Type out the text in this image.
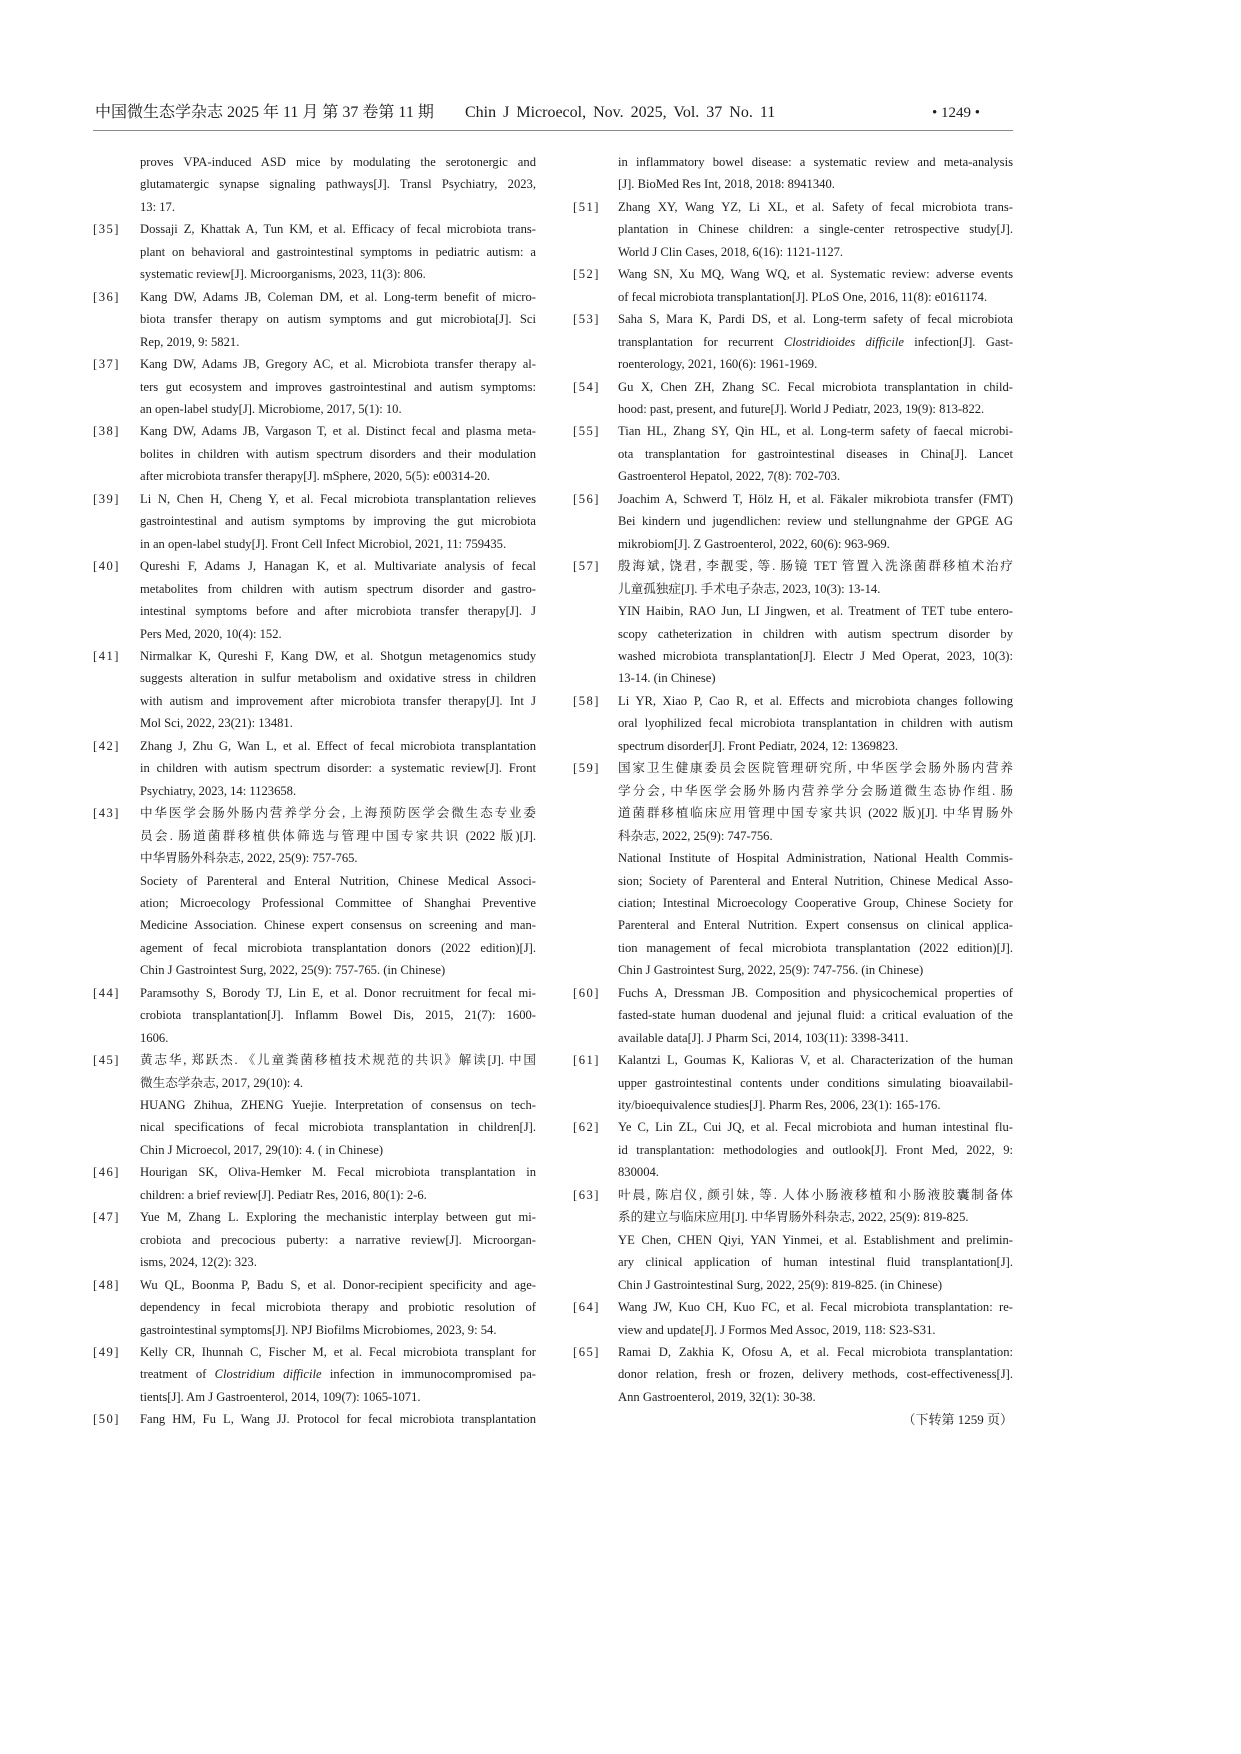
中国微生态学杂志 2025 年 11 月 第 37 卷第 11 期 Chin J Microecol, Nov. 2025, Vol. 37 No. 11	• 1249 •
proves VPA-induced ASD mice by modulating the serotonergic and
glutamatergic synapse signaling pathways[J]. Transl Psychiatry, 2023,
13: 17.
[35] Dossaji Z, Khattak A, Tun KM, et al. Efficacy of fecal microbiota trans-
plant on behavioral and gastrointestinal symptoms in pediatric autism: a
systematic review[J]. Microorganisms, 2023, 11(3): 806.
[36] Kang DW, Adams JB, Coleman DM, et al. Long-term benefit of micro-
biota transfer therapy on autism symptoms and gut microbiota[J]. Sci
Rep, 2019, 9: 5821.
[37] Kang DW, Adams JB, Gregory AC, et al. Microbiota transfer therapy al-
ters gut ecosystem and improves gastrointestinal and autism symptoms:
an open-label study[J]. Microbiome, 2017, 5(1): 10.
[38] Kang DW, Adams JB, Vargason T, et al. Distinct fecal and plasma meta-
bolites in children with autism spectrum disorders and their modulation
after microbiota transfer therapy[J]. mSphere, 2020, 5(5): e00314-20.
[39] Li N, Chen H, Cheng Y, et al. Fecal microbiota transplantation relieves
gastrointestinal and autism symptoms by improving the gut microbiota
in an open-label study[J]. Front Cell Infect Microbiol, 2021, 11: 759435.
[40] Qureshi F, Adams J, Hanagan K, et al. Multivariate analysis of fecal
metabolites from children with autism spectrum disorder and gastro-
intestinal symptoms before and after microbiota transfer therapy[J]. J
Pers Med, 2020, 10(4): 152.
[41] Nirmalkar K, Qureshi F, Kang DW, et al. Shotgun metagenomics study
suggests alteration in sulfur metabolism and oxidative stress in children
with autism and improvement after microbiota transfer therapy[J]. Int J
Mol Sci, 2022, 23(21): 13481.
[42] Zhang J, Zhu G, Wan L, et al. Effect of fecal microbiota transplantation
in children with autism spectrum disorder: a systematic review[J]. Front
Psychiatry, 2023, 14: 1123658.
[43] 中华医学会肠外肠内营养学分会, 上海预防医学会微生态专业委
员会. 肠道菌群移植供体筛选与管理中国专家共识 (2022 版)[J].
中华胃肠外科杂志, 2022, 25(9): 757-765.
Society of Parenteral and Enteral Nutrition, Chinese Medical Associ-
ation; Microecology Professional Committee of Shanghai Preventive
Medicine Association. Chinese expert consensus on screening and man-
agement of fecal microbiota transplantation donors (2022 edition)[J].
Chin J Gastrointest Surg, 2022, 25(9): 757-765. (in Chinese)
[44] Paramsothy S, Borody TJ, Lin E, et al. Donor recruitment for fecal mi-
crobiota transplantation[J]. Inflamm Bowel Dis, 2015, 21(7): 1600-
1606.
[45] 黄志华, 郑跃杰. 《儿童粪菌移植技术规范的共识》解读[J]. 中国
微生态学杂志, 2017, 29(10): 4.
HUANG Zhihua, ZHENG Yuejie. Interpretation of consensus on tech-
nical specifications of fecal microbiota transplantation in children[J].
Chin J Microecol, 2017, 29(10): 4. ( in Chinese)
[46] Hourigan SK, Oliva-Hemker M. Fecal microbiota transplantation in
children: a brief review[J]. Pediatr Res, 2016, 80(1): 2-6.
[47] Yue M, Zhang L. Exploring the mechanistic interplay between gut mi-
crobiota and precocious puberty: a narrative review[J]. Microorgan-
isms, 2024, 12(2): 323.
[48] Wu QL, Boonma P, Badu S, et al. Donor-recipient specificity and age-
dependency in fecal microbiota therapy and probiotic resolution of
gastrointestinal symptoms[J]. NPJ Biofilms Microbiomes, 2023, 9: 54.
[49] Kelly CR, Ihunnah C, Fischer M, et al. Fecal microbiota transplant for
treatment of Clostridium difficile infection in immunocompromised pa-
tients[J]. Am J Gastroenterol, 2014, 109(7): 1065-1071.
[50] Fang HM, Fu L, Wang JJ. Protocol for fecal microbiota transplantation
in inflammatory bowel disease: a systematic review and meta-analysis
[J]. BioMed Res Int, 2018, 2018: 8941340.
[51] Zhang XY, Wang YZ, Li XL, et al. Safety of fecal microbiota trans-
plantation in Chinese children: a single-center retrospective study[J].
World J Clin Cases, 2018, 6(16): 1121-1127.
[52] Wang SN, Xu MQ, Wang WQ, et al. Systematic review: adverse events
of fecal microbiota transplantation[J]. PLoS One, 2016, 11(8): e0161174.
[53] Saha S, Mara K, Pardi DS, et al. Long-term safety of fecal microbiota
transplantation for recurrent Clostridioides difficile infection[J]. Gast-
roenterology, 2021, 160(6): 1961-1969.
[54] Gu X, Chen ZH, Zhang SC. Fecal microbiota transplantation in child-
hood: past, present, and future[J]. World J Pediatr, 2023, 19(9): 813-822.
[55] Tian HL, Zhang SY, Qin HL, et al. Long-term safety of faecal microbi-
ota transplantation for gastrointestinal diseases in China[J]. Lancet
Gastroenterol Hepatol, 2022, 7(8): 702-703.
[56] Joachim A, Schwerd T, Hölz H, et al. Fäkaler mikrobiota transfer (FMT)
Bei kindern und jugendlichen: review und stellungnahme der GPGE AG
mikrobiom[J]. Z Gastroenterol, 2022, 60(6): 963-969.
[57] 殷海斌, 饶君, 李靓雯, 等. 肠镜 TET 管置入洗涤菌群移植术治疗
儿童孤独症[J]. 手术电子杂志, 2023, 10(3): 13-14.
YIN Haibin, RAO Jun, LI Jingwen, et al. Treatment of TET tube entero-
scopy catheterization in children with autism spectrum disorder by
washed microbiota transplantation[J]. Electr J Med Operat, 2023, 10(3):
13-14. (in Chinese)
[58] Li YR, Xiao P, Cao R, et al. Effects and microbiota changes following
oral lyophilized fecal microbiota transplantation in children with autism
spectrum disorder[J]. Front Pediatr, 2024, 12: 1369823.
[59] 国家卫生健康委员会医院管理研究所, 中华医学会肠外肠内营养
学分会, 中华医学会肠外肠内营养学分会肠道微生态协作组. 肠
道菌群移植临床应用管理中国专家共识 (2022 版)[J]. 中华胃肠外
科杂志, 2022, 25(9): 747-756.
National Institute of Hospital Administration, National Health Commis-
sion; Society of Parenteral and Enteral Nutrition, Chinese Medical Asso-
ciation; Intestinal Microecology Cooperative Group, Chinese Society for
Parenteral and Enteral Nutrition. Expert consensus on clinical applica-
tion management of fecal microbiota transplantation (2022 edition)[J].
Chin J Gastrointest Surg, 2022, 25(9): 747-756. (in Chinese)
[60] Fuchs A, Dressman JB. Composition and physicochemical properties of
fasted-state human duodenal and jejunal fluid: a critical evaluation of the
available data[J]. J Pharm Sci, 2014, 103(11): 3398-3411.
[61] Kalantzi L, Goumas K, Kalioras V, et al. Characterization of the human
upper gastrointestinal contents under conditions simulating bioavailabil-
ity/bioequivalence studies[J]. Pharm Res, 2006, 23(1): 165-176.
[62] Ye C, Lin ZL, Cui JQ, et al. Fecal microbiota and human intestinal flu-
id transplantation: methodologies and outlook[J]. Front Med, 2022, 9:
830004.
[63] 叶晨, 陈启仪, 颜引妹, 等. 人体小肠液移植和小肠液胶囊制备体
系的建立与临床应用[J]. 中华胃肠外科杂志, 2022, 25(9): 819-825.
YE Chen, CHEN Qiyi, YAN Yinmei, et al. Establishment and prelimin-
ary clinical application of human intestinal fluid transplantation[J].
Chin J Gastrointestinal Surg, 2022, 25(9): 819-825. (in Chinese)
[64] Wang JW, Kuo CH, Kuo FC, et al. Fecal microbiota transplantation: re-
view and update[J]. J Formos Med Assoc, 2019, 118: S23-S31.
[65] Ramai D, Zakhia K, Ofosu A, et al. Fecal microbiota transplantation:
donor relation, fresh or frozen, delivery methods, cost-effectiveness[J].
Ann Gastroenterol, 2019, 32(1): 30-38.
（下转第 1259 页）
